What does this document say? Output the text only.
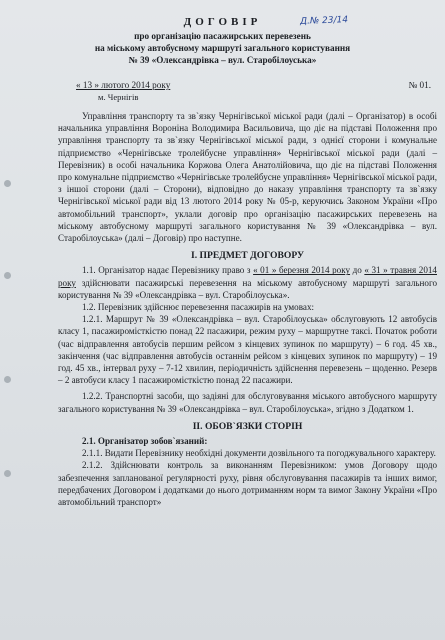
Д.№ 23/14
ДОГОВІР
про організацію пасажирських перевезень
на міському автобусному маршруті загального користування
№ 39 «Олександрівка – вул. Старобілоуська»
« 13 » лютого 2014 року	№ 01.
м. Чернігів

Управління транспорту та зв`язку Чернігівської міської ради (далі – Організатор) в особі начальника управління Вороніна Володимира Васильовича, що діє на підставі Положення про управління транспорту та зв`язку Чернігівської міської ради, з однієї сторони і комунальне підприємство «Чернігівське тролейбусне управління» Чернігівської міської ради (далі – Перевізник) в особі начальника Коржова Олега Анатолійовича, що діє на підставі Положення про комунальне підприємство «Чернігівське тролейбусне управління» Чернігівської міської ради, з іншої сторони (далі – Сторони), відповідно до наказу управління транспорту та зв`язку Чернігівської міської ради від 13 лютого 2014 року № 05-р, керуючись Законом України «Про автомобільний транспорт», уклали договір про організацію пасажирських перевезень на міському автобусному маршруті загального користування № 39 «Олександрівка – вул. Старобілоуська» (далі – Договір) про наступне.

І. ПРЕДМЕТ ДОГОВОРУ

1.1. Організатор надає Перевізнику право з « 01 » березня 2014 року до « 31 » травня 2014 року здійснювати пасажирські перевезення на міському автобусному маршруті загального користування № 39 «Олександрівка – вул. Старобілоуська».

1.2. Перевізник здійснює перевезення пасажирів на умовах:

1.2.1. Маршрут № 39 «Олександрівка – вул. Старобілоуська» обслуговують 12 автобусів класу 1, пасажиромісткістю понад 22 пасажири, режим руху – маршрутне таксі. Початок роботи (час відправлення автобусів першим рейсом з кінцевих зупинок по маршруту) – 6 год. 45 хв., закінчення (час відправлення автобусів останнім рейсом з кінцевих зупинок по маршруту) – 19 год. 45 хв., інтервал руху – 7-12 хвилин, періодичність здійснення перевезень – щоденно. Резерв – 2 автобуси класу 1 пасажиромісткістю понад 22 пасажири.

1.2.2. Транспортні засоби, що задіяні для обслуговування міського автобусного маршруту загального користування № 39 «Олександрівка – вул. Старобілоуська», згідно з Додатком 1.

ІІ. ОБОВ`ЯЗКИ СТОРІН

2.1. Організатор зобов`язаний:

2.1.1. Видати Перевізнику необхідні документи дозвільного та погоджувального характеру.

2.1.2. Здійснювати контроль за виконанням Перевізником: умов Договору щодо забезпечення запланованої регулярності руху, рівня обслуговування пасажирів та інших вимог, передбачених Договором і додатками до нього дотриманням норм та вимог Закону України «Про автомобільний транспорт»
